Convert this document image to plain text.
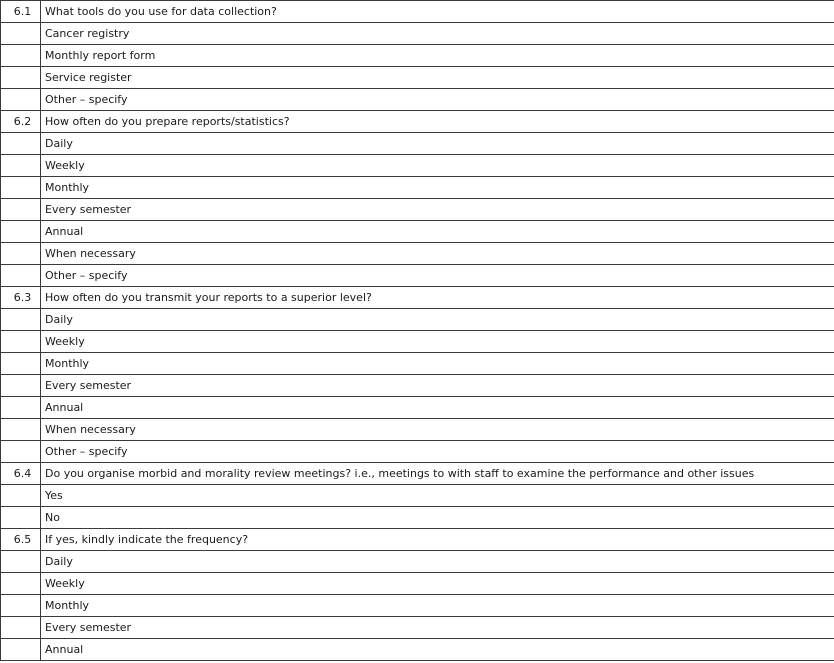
6.1	What tools do you use for data collection?
	Cancer registry
	Monthly report form
	Service register
	Other – specify
6.2	How often do you prepare reports/statistics?
	Daily
	Weekly
	Monthly
	Every semester
	Annual
	When necessary
	Other – specify
6.3	How often do you transmit your reports to a superior level?
	Daily
	Weekly
	Monthly
	Every semester
	Annual
	When necessary
	Other – specify
6.4	Do you organise morbid and morality review meetings? i.e., meetings to with staff to examine the performance and other issues
	Yes
	No
6.5	If yes, kindly indicate the frequency?
	Daily
	Weekly
	Monthly
	Every semester
	Annual
